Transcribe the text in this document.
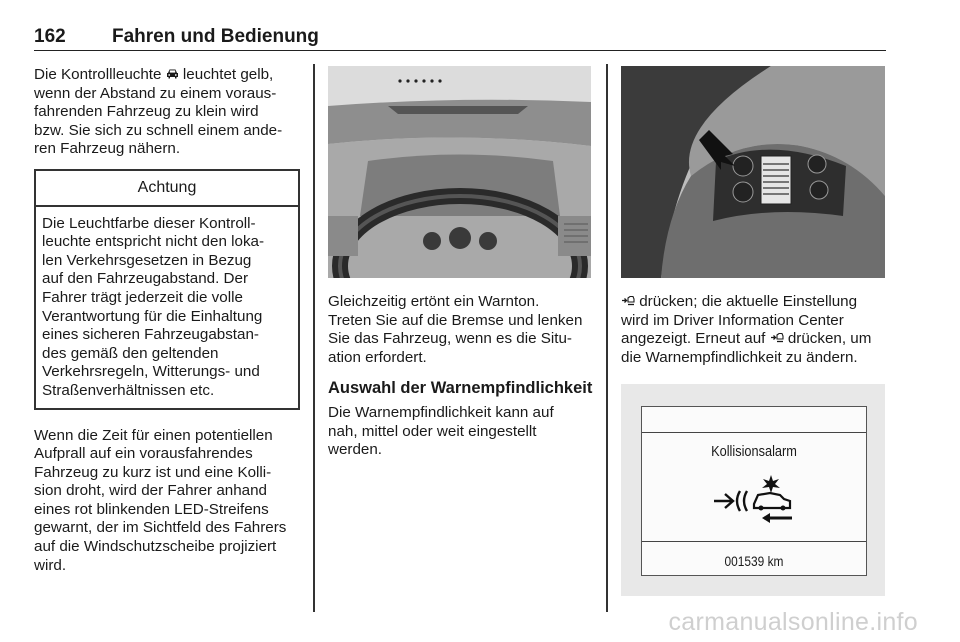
162 Fahren und Bedienung

Die Kontrollleuchte  leuchtet gelb,
wenn der Abstand zu einem voraus-
fahrenden Fahrzeug zu klein wird
bzw. Sie sich zu schnell einem ande-
ren Fahrzeug nähern.

Achtung
Die Leuchtfarbe dieser Kontroll-
leuchte entspricht nicht den loka-
len Verkehrsgesetzen in Bezug
auf den Fahrzeugabstand. Der
Fahrer trägt jederzeit die volle
Verantwortung für die Einhaltung
eines sicheren Fahrzeugabstan-
des gemäß den geltenden
Verkehrsregeln, Witterungs- und
Straßenverhältnissen etc.

Wenn die Zeit für einen potentiellen
Aufprall auf ein vorausfahrendes
Fahrzeug zu kurz ist und eine Kolli-
sion droht, wird der Fahrer anhand
eines rot blinkenden LED-Streifens
gewarnt, der im Sichtfeld des Fahrers
auf die Windschutzscheibe projiziert
wird.

Gleichzeitig ertönt ein Warnton.
Treten Sie auf die Bremse und lenken
Sie das Fahrzeug, wenn es die Situ-
ation erfordert.

Auswahl der Warnempfindlichkeit

Die Warnempfindlichkeit kann auf
nah, mittel oder weit eingestellt
werden.

drücken; die aktuelle Einstellung
wird im Driver Information Center
angezeigt. Erneut auf  drücken, um
die Warnempfindlichkeit zu ändern.

Kollisionsalarm
001539 km
carmanualsonline.info
